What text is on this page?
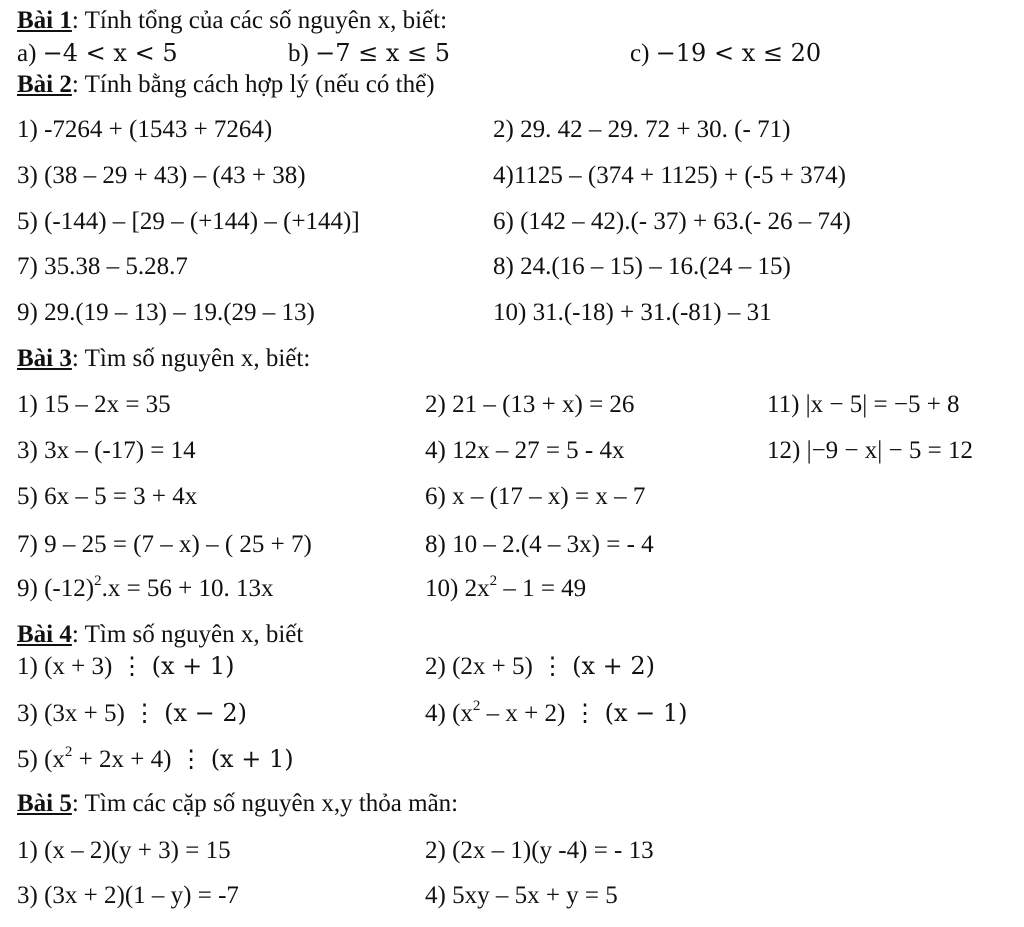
Bài 1: Tính tổng của các số nguyên x, biết:
a) −4 < x < 5	b) −7 ≤ x ≤ 5	c) −19 < x ≤ 20
Bài 2: Tính bằng cách hợp lý (nếu có thể)
1) -7264 + (1543 + 7264)	2) 29. 42 – 29. 72 + 30. (- 71)
3) (38 – 29 + 43) – (43 + 38)	4)1125 – (374 + 1125) + (-5 + 374)
5) (-144) – [29 – (+144) – (+144)]	6) (142 – 42).(- 37) + 63.(- 26 – 74)
7) 35.38 – 5.28.7	8) 24.(16 – 15) – 16.(24 – 15)
9) 29.(19 – 13) – 19.(29 – 13)	10) 31.(-18) + 31.(-81) – 31
Bài 3: Tìm số nguyên x, biết:
1) 15 – 2x = 35	2) 21 – (13 + x) = 26	11) |x − 5| = −5 + 8
3) 3x – (-17) = 14	4) 12x – 27 = 5 - 4x	12) |−9 − x| − 5 = 12
5) 6x – 5 = 3 + 4x	6) x – (17 – x) = x – 7
7) 9 – 25 = (7 – x) – ( 25 + 7)	8) 10 – 2.(4 – 3x) = - 4
9) $(-12)^2.x = 56 + 10$. 13x	10) $2x^2 - 1 = 49$
Bài 4: Tìm số nguyên x, biết
1) (x + 3) ⋮ (x + 1)	2) (2x + 5) ⋮ (x + 2)
3) (3x + 5) ⋮ (x − 2)	4) $(x^2 - x + 2)$ ⋮ (x − 1)
5) $(x^2 + 2x + 4)$ ⋮ (x + 1)
Bài 5: Tìm các cặp số nguyên x,y thỏa mãn:
1) (x – 2)(y + 3) = 15	2) (2x – 1)(y -4) = - 13
3) (3x + 2)(1 – y) = -7	4) 5xy – 5x + y = 5
